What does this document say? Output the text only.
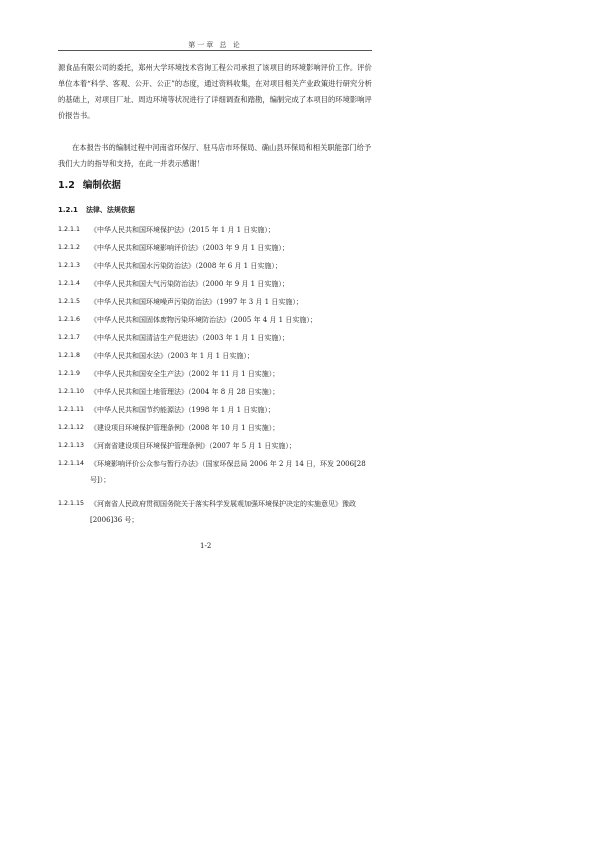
第一章 总 论

源食品有限公司的委托，郑州大学环境技术咨询工程公司承担了该项目的环境影响评价工作。评价单位本着“科学、客观、公开、公正”的态度，通过资料收集，在对项目相关产业政策进行研究分析的基础上，对项目厂址、周边环境等状况进行了详细调查和踏勘，编制完成了本项目的环境影响评价报告书。

在本报告书的编制过程中河南省环保厅、驻马店市环保局、确山县环保局和相关职能部门给予我们大力的指导和支持，在此一并表示感谢！

1.2 编制依据
1.2.1 法律、法规依据
1.2.1.1 《中华人民共和国环境保护法》（2015 年 1 月 1 日实施）；
1.2.1.2 《中华人民共和国环境影响评价法》（2003 年 9 月 1 日实施）；
1.2.1.3 《中华人民共和国水污染防治法》（2008 年 6 月 1 日实施）；
1.2.1.4 《中华人民共和国大气污染防治法》（2000 年 9 月 1 日实施）；
1.2.1.5 《中华人民共和国环境噪声污染防治法》（1997 年 3 月 1 日实施）；
1.2.1.6 《中华人民共和国固体废物污染环境防治法》（2005 年 4 月 1 日实施）；
1.2.1.7 《中华人民共和国清洁生产促进法》（2003 年 1 月 1 日实施）；
1.2.1.8 《中华人民共和国水法》（2003 年 1 月 1 日实施）；
1.2.1.9 《中华人民共和国安全生产法》（2002 年 11 月 1 日实施）；
1.2.1.10 《中华人民共和国土地管理法》（2004 年 8 月 28 日实施）；
1.2.1.11 《中华人民共和国节约能源法》（1998 年 1 月 1 日实施）；
1.2.1.12 《建设项目环境保护管理条例》（2008 年 10 月 1 日实施）；
1.2.1.13 《河南省建设项目环境保护管理条例》（2007 年 5 月 1 日实施）；
1.2.1.14 《环境影响评价公众参与暂行办法》（国家环保总局 2006 年 2 月 14 日，环发 2006[28 号]）；
1.2.1.15 《河南省人民政府贯彻国务院关于落实科学发展观加强环境保护决定的实施意见》豫政[2006]36 号；
1-2
